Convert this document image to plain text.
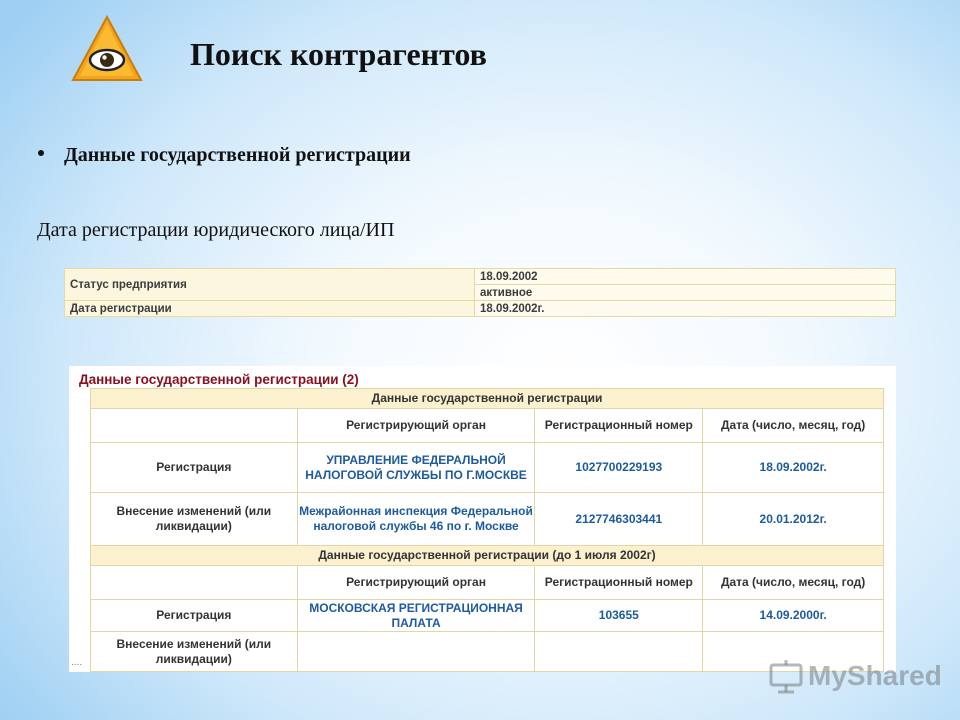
Поиск контрагентов
Данные государственной регистрации
Дата регистрации юридического лица/ИП
Статус предприятия	18.09.2002
	активное
Дата регистрации	18.09.2002г.
Данные государственной регистрации (2)
Данные государственной регистрации			
	Регистрирующий орган	Регистрационный номер	Дата (число, месяц, год)
Регистрация	УПРАВЛЕНИЕ ФЕДЕРАЛЬНОЙ НАЛОГОВОЙ СЛУЖБЫ ПО Г.МОСКВЕ	1027700229193	18.09.2002г.
Внесение изменений (или ликвидации)	Межрайонная инспекция Федеральной налоговой службы 46 по г. Москве	2127746303441	20.01.2012г.
Данные государственной регистрации (до 1 июля 2002г)			
	Регистрирующий орган	Регистрационный номер	Дата (число, месяц, год)
Регистрация	МОСКОВСКАЯ РЕГИСТРАЦИОННАЯ ПАЛАТА	103655	14.09.2000г.
Внесение изменений (или ликвидации)			
....	MyShared
